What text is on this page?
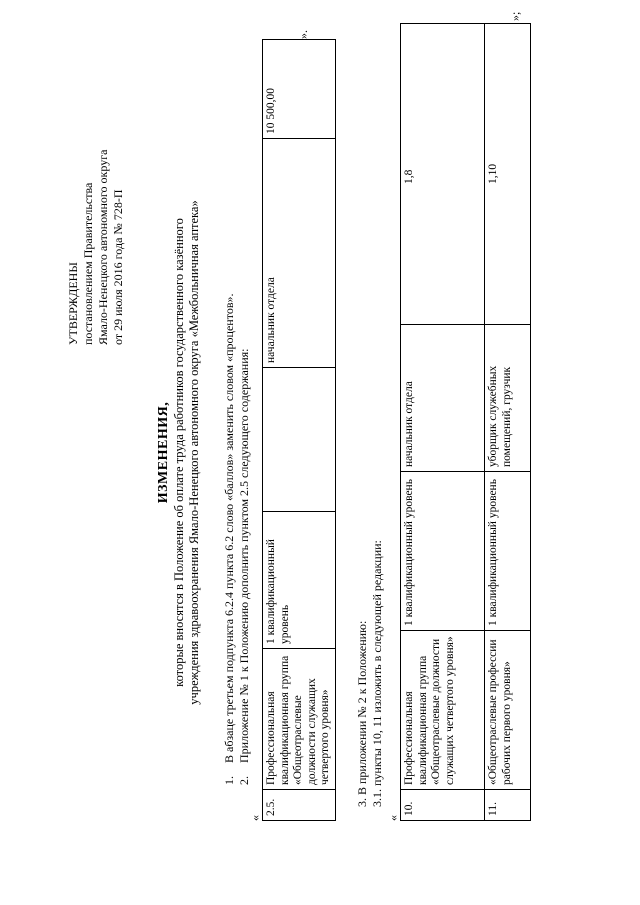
УТВЕРЖДЕНЫ постановлением Правительства Ямало-Ненецкого автономного округа от 29 июля 2016 года № 728-П

ИЗМЕНЕНИЯ, которые вносятся в Положение об оплате труда работников государственного казённого учреждения здравоохранения Ямало-Ненецкого автономного округа «Межбольничная аптека»

1.
В абзаце третьем подпункта 6.2.4 пункта 6.2 слово «баллов» заменить словом «процентов».
2.
Приложение № 1 к Положению дополнить пунктом 2.5 следующего содержания:
«
2.5.	Профессиональная квалификационная группа «Общеотраслевые должности служащих четвертого уровня»	1 квалификационный уровень		начальник отдела	10 500,00
».

3. В приложении № 2 к Положению: 3.1. пункты 10, 11 изложить в следующей редакции:

«
10.	Профессиональная квалификационная группа «Общеотраслевые должности служащих четвертого уровня»	1 квалификационный уровень	начальник отдела	1,8
11.	«Общеотраслевые профессии рабочих первого уровня»	1 квалификационный уровень	уборщик служебных помещений, грузчик	1,10
»;
